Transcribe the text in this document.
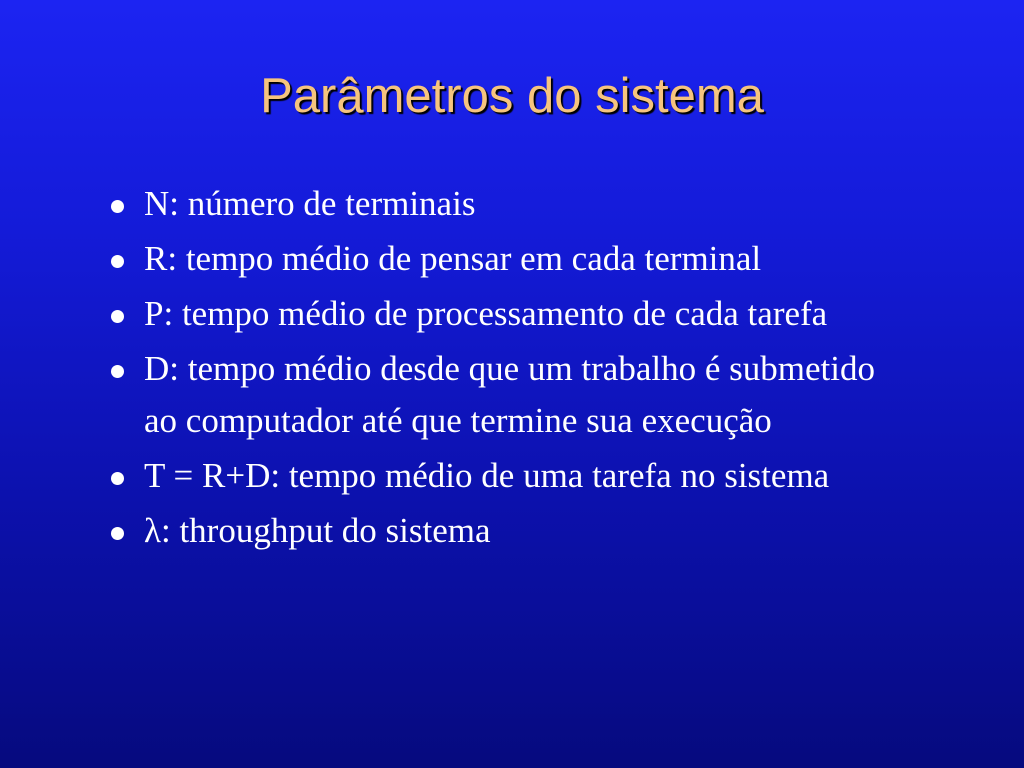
Parâmetros do sistema
N: número de terminais
R: tempo médio de pensar em cada terminal
P: tempo médio de processamento de cada tarefa
D: tempo médio desde que um trabalho é submetido ao computador até que termine sua execução
T = R+D: tempo médio de uma tarefa no sistema
λ: throughput do sistema
